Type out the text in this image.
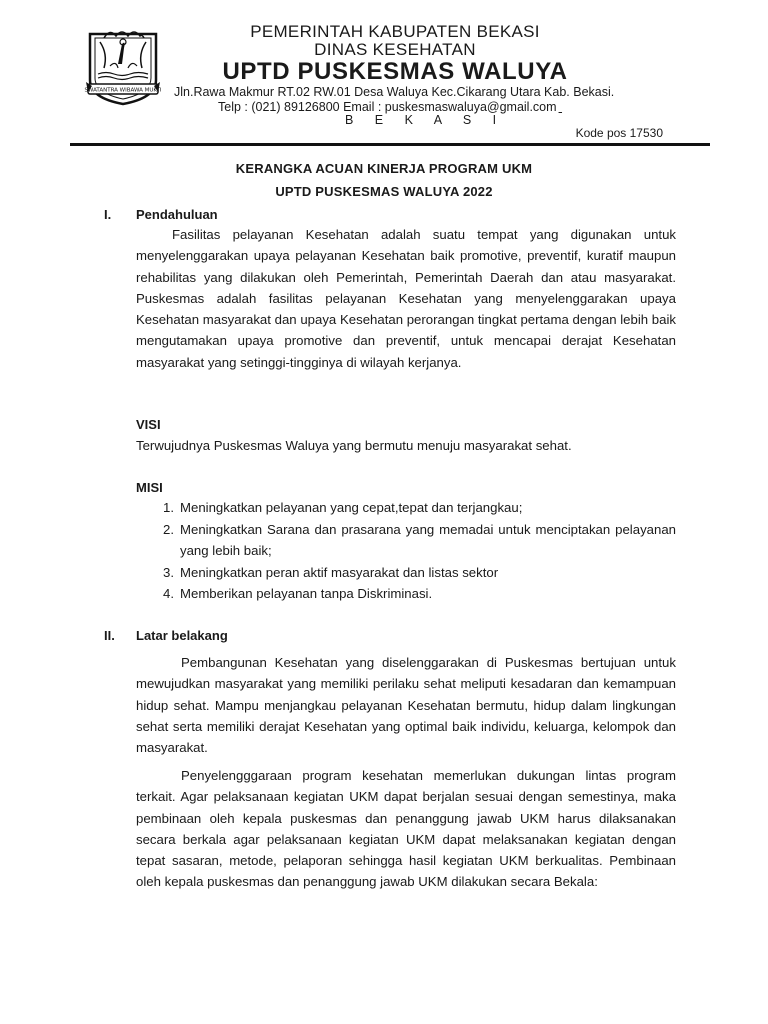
SWATANTRA WIBAWA MUKTI
PEMERINTAH KABUPATEN BEKASI
DINAS KESEHATAN
UPTD PUSKESMAS WALUYA
Jln.Rawa Makmur RT.02 RW.01 Desa Waluya Kec.Cikarang Utara Kab. Bekasi.
Telp : (021) 89126800 Email : puskesmaswaluya@gmail.com
B E K A S I
Kode pos 17530
KERANGKA ACUAN KINERJA PROGRAM UKM
UPTD PUSKESMAS WALUYA 2022
I. Pendahuluan
Fasilitas pelayanan Kesehatan adalah suatu tempat yang digunakan untuk menyelenggarakan upaya pelayanan Kesehatan baik promotive, preventif, kuratif maupun rehabilitas yang dilakukan oleh Pemerintah, Pemerintah Daerah dan atau masyarakat. Puskesmas adalah fasilitas pelayanan Kesehatan yang menyelenggarakan upaya Kesehatan masyarakat dan upaya Kesehatan perorangan tingkat pertama dengan lebih baik mengutamakan upaya promotive dan preventif, untuk mencapai derajat Kesehatan masyarakat yang setinggi-tingginya di wilayah kerjanya.
VISI
Terwujudnya Puskesmas Waluya yang bermutu menuju masyarakat sehat.
MISI
1. Meningkatkan pelayanan yang cepat,tepat dan terjangkau;
2. Meningkatkan Sarana dan prasarana yang memadai untuk menciptakan pelayanan yang lebih baik;
3. Meningkatkan peran aktif masyarakat dan listas sektor
4. Memberikan pelayanan tanpa Diskriminasi.
II. Latar belakang
Pembangunan Kesehatan yang diselenggarakan di Puskesmas bertujuan untuk mewujudkan masyarakat yang memiliki perilaku sehat meliputi kesadaran dan kemampuan hidup sehat. Mampu menjangkau pelayanan Kesehatan bermutu, hidup dalam lingkungan sehat serta memiliki derajat Kesehatan yang optimal baik individu, keluarga, kelompok dan masyarakat.
Penyelengggaraan program kesehatan memerlukan dukungan lintas program terkait. Agar pelaksanaan kegiatan UKM dapat berjalan sesuai dengan semestinya, maka pembinaan oleh kepala puskesmas dan penanggung jawab UKM harus dilaksanakan secara berkala agar pelaksanaan kegiatan UKM dapat melaksanakan kegiatan dengan tepat sasaran, metode, pelaporan sehingga hasil kegiatan UKM berkualitas. Pembinaan oleh kepala puskesmas dan penanggung jawab UKM dilakukan secara Bekala:
